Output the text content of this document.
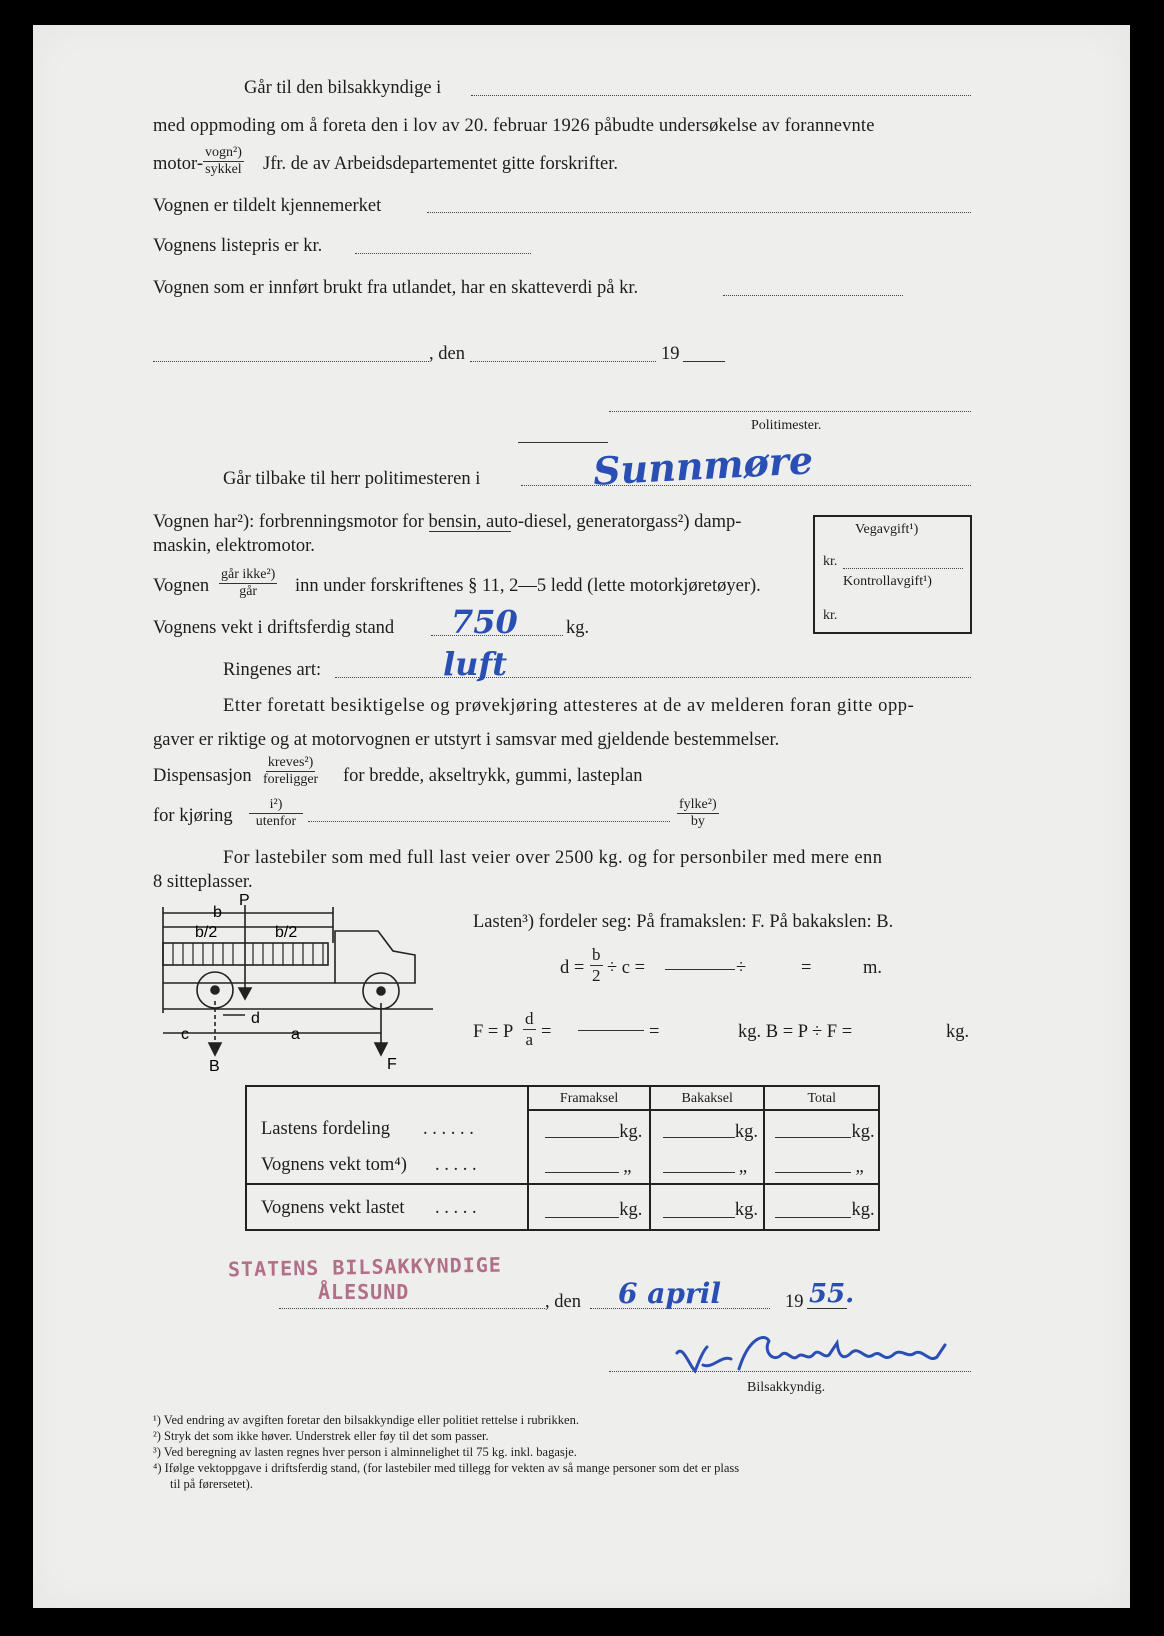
Går til den bilsakkyndige i
med oppmoding om å foreta den i lov av 20. februar 1926 påbudte undersøkelse av forannevnte
motor-
vogn²)
sykkel Jfr. de av Arbeidsdepartementet gitte forskrifter.
Vognen er tildelt kjennemerket
Vognens listepris er kr.
Vognen som er innført brukt fra utlandet, har en skatteverdi på kr.
, den	19
Politimester.
Går tilbake til herr politimesteren i	Sunnmøre
Vognen har²): forbrenningsmotor for bensin, auto-diesel, generatorgass²) damp-
maskin, elektromotor.
Vognen
går ikke²)
går inn under forskriftenes § 11, 2—5 ledd (lette motorkjøretøyer).
Vognens vekt i driftsferdig stand 750	kg.
Ringenes art:	luft
Vegavgift¹)
kr.
Kontrollavgift¹)
kr.
Etter foretatt besiktigelse og prøvekjøring attesteres at de av melderen foran gitte opp-
gaver er riktige og at motorvognen er utstyrt i samsvar med gjeldende bestemmelser.
Dispensasjon
kreves²)
foreligger for bredde, akseltrykk, gummi, lasteplan
for kjøring
i²)
utenfor
fylke²)
by
For lastebiler som med full last veier over 2500 kg. og for personbiler med mere enn
8 sitteplasser.
P
b
b/2	b/2
c	a
d
B	F
Lasten³) fordeler seg: På framakslen: F. På bakakslen: B.
$d = \frac{b}{2} \div c$ =	÷	=	m.
F = P $\frac{d}{a}$ =	=	kg. B = P ÷ F =	kg.
	Framaksel	Bakaksel	Total

Lastens fordeling . . . . . .	kg.	kg.	kg.

Vognens vekt tom⁴) . . . . .	„	„	„

Vognens vekt lastet . . . . .	kg.	kg.	kg.
STATENS BILSAKKYNDIGE
ÅLESUND	, den 6 april	19 55.
Bilsakkyndig.
¹) Ved endring av avgiften foretar den bilsakkyndige eller politiet rettelse i rubrikken.
²) Stryk det som ikke høver. Understrek eller føy til det som passer.
³) Ved beregning av lasten regnes hver person i alminnelighet til 75 kg. inkl. bagasje.
⁴) Ifølge vektoppgave i driftsferdig stand, (for lastebiler med tillegg for vekten av så mange personer som det er plass
til på førersetet).
